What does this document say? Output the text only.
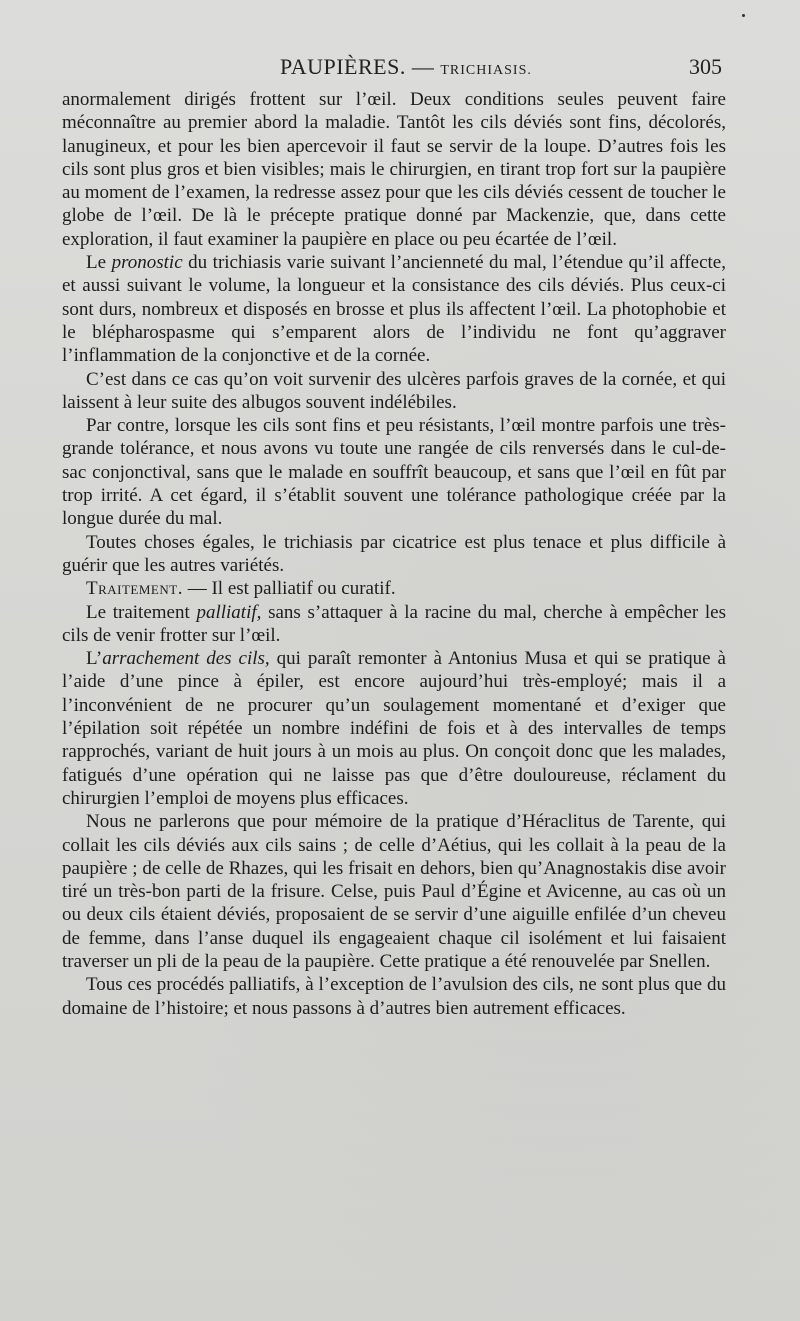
PAUPIÈRES. — TRICHIASIS.	305

anormalement dirigés frottent sur l’œil. Deux conditions seules peuvent faire méconnaître au premier abord la maladie. Tantôt les cils déviés sont fins, décolorés, lanugineux, et pour les bien apercevoir il faut se servir de la loupe. D’autres fois les cils sont plus gros et bien visibles; mais le chirurgien, en tirant trop fort sur la paupière au moment de l’examen, la redresse assez pour que les cils déviés cessent de toucher le globe de l’œil. De là le précepte pratique donné par Mackenzie, que, dans cette exploration, il faut examiner la paupière en place ou peu écartée de l’œil.

Le pronostic du trichiasis varie suivant l’ancienneté du mal, l’étendue qu’il affecte, et aussi suivant le volume, la longueur et la consistance des cils déviés. Plus ceux-ci sont durs, nombreux et disposés en brosse et plus ils affectent l’œil. La photophobie et le blépharospasme qui s’emparent alors de l’individu ne font qu’aggraver l’inflammation de la conjonctive et de la cornée.

C’est dans ce cas qu’on voit survenir des ulcères parfois graves de la cornée, et qui laissent à leur suite des albugos souvent indélébiles.

Par contre, lorsque les cils sont fins et peu résistants, l’œil montre parfois une très-grande tolérance, et nous avons vu toute une rangée de cils renversés dans le cul-de-sac conjonctival, sans que le malade en souffrît beaucoup, et sans que l’œil en fût par trop irrité. A cet égard, il s’établit souvent une tolérance pathologique créée par la longue durée du mal.

Toutes choses égales, le trichiasis par cicatrice est plus tenace et plus difficile à guérir que les autres variétés.

Traitement. — Il est palliatif ou curatif.

Le traitement palliatif, sans s’attaquer à la racine du mal, cherche à empêcher les cils de venir frotter sur l’œil.

L’arrachement des cils, qui paraît remonter à Antonius Musa et qui se pratique à l’aide d’une pince à épiler, est encore aujourd’hui très-employé; mais il a l’inconvénient de ne procurer qu’un soulagement momentané et d’exiger que l’épilation soit répétée un nombre indéfini de fois et à des intervalles de temps rapprochés, variant de huit jours à un mois au plus. On conçoit donc que les malades, fatigués d’une opération qui ne laisse pas que d’être douloureuse, réclament du chirurgien l’emploi de moyens plus efficaces.

Nous ne parlerons que pour mémoire de la pratique d’Héraclitus de Tarente, qui collait les cils déviés aux cils sains ; de celle d’Aétius, qui les collait à la peau de la paupière ; de celle de Rhazes, qui les frisait en dehors, bien qu’Anagnostakis dise avoir tiré un très-bon parti de la frisure. Celse, puis Paul d’Égine et Avicenne, au cas où un ou deux cils étaient déviés, proposaient de se servir d’une aiguille enfilée d’un cheveu de femme, dans l’anse duquel ils engageaient chaque cil isolément et lui faisaient traverser un pli de la peau de la paupière. Cette pratique a été renouvelée par Snellen.

Tous ces procédés palliatifs, à l’exception de l’avulsion des cils, ne sont plus que du domaine de l’histoire; et nous passons à d’autres bien autrement efficaces.
